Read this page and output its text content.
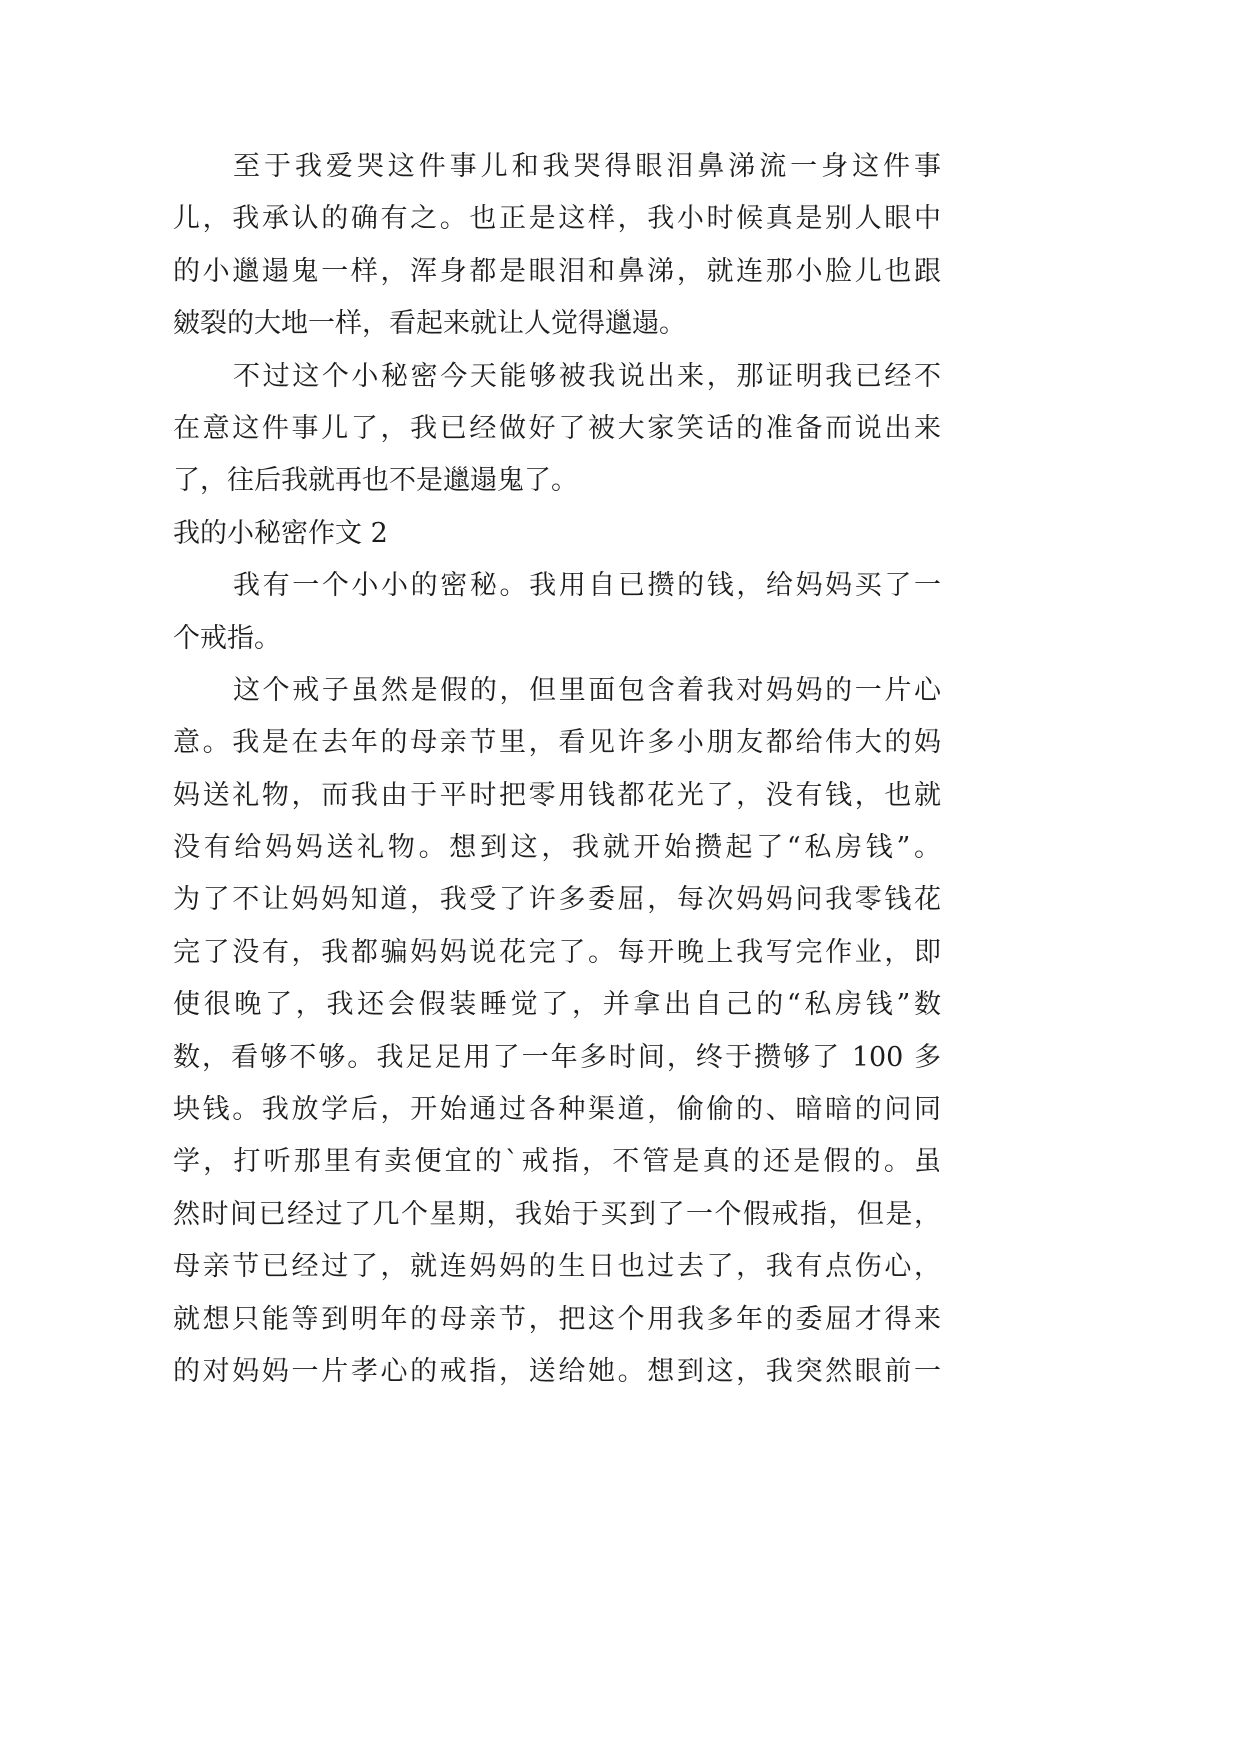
至于我爱哭这件事儿和我哭得眼泪鼻涕流一身这件事
儿，我承认的确有之。也正是这样，我小时候真是别人眼中
的小邋遢鬼一样，浑身都是眼泪和鼻涕，就连那小脸儿也跟
皴裂的大地一样，看起来就让人觉得邋遢。
不过这个小秘密今天能够被我说出来，那证明我已经不
在意这件事儿了，我已经做好了被大家笑话的准备而说出来
了，往后我就再也不是邋遢鬼了。
我的小秘密作文 2
我有一个小小的密秘。我用自已攒的钱，给妈妈买了一
个戒指。
这个戒子虽然是假的，但里面包含着我对妈妈的一片心
意。我是在去年的母亲节里，看见许多小朋友都给伟大的妈
妈送礼物，而我由于平时把零用钱都花光了，没有钱，也就
没有给妈妈送礼物。想到这，我就开始攒起了“私房钱”。
为了不让妈妈知道，我受了许多委屈，每次妈妈问我零钱花
完了没有，我都骗妈妈说花完了。每开晚上我写完作业，即
使很晚了，我还会假装睡觉了，并拿出自己的“私房钱”数
数，看够不够。我足足用了一年多时间，终于攒够了 100 多
块钱。我放学后，开始通过各种渠道，偷偷的、暗暗的问同
学，打听那里有卖便宜的`戒指，不管是真的还是假的。虽
然时间已经过了几个星期，我始于买到了一个假戒指，但是，
母亲节已经过了，就连妈妈的生日也过去了，我有点伤心，
就想只能等到明年的母亲节，把这个用我多年的委屈才得来
的对妈妈一片孝心的戒指，送给她。想到这，我突然眼前一
